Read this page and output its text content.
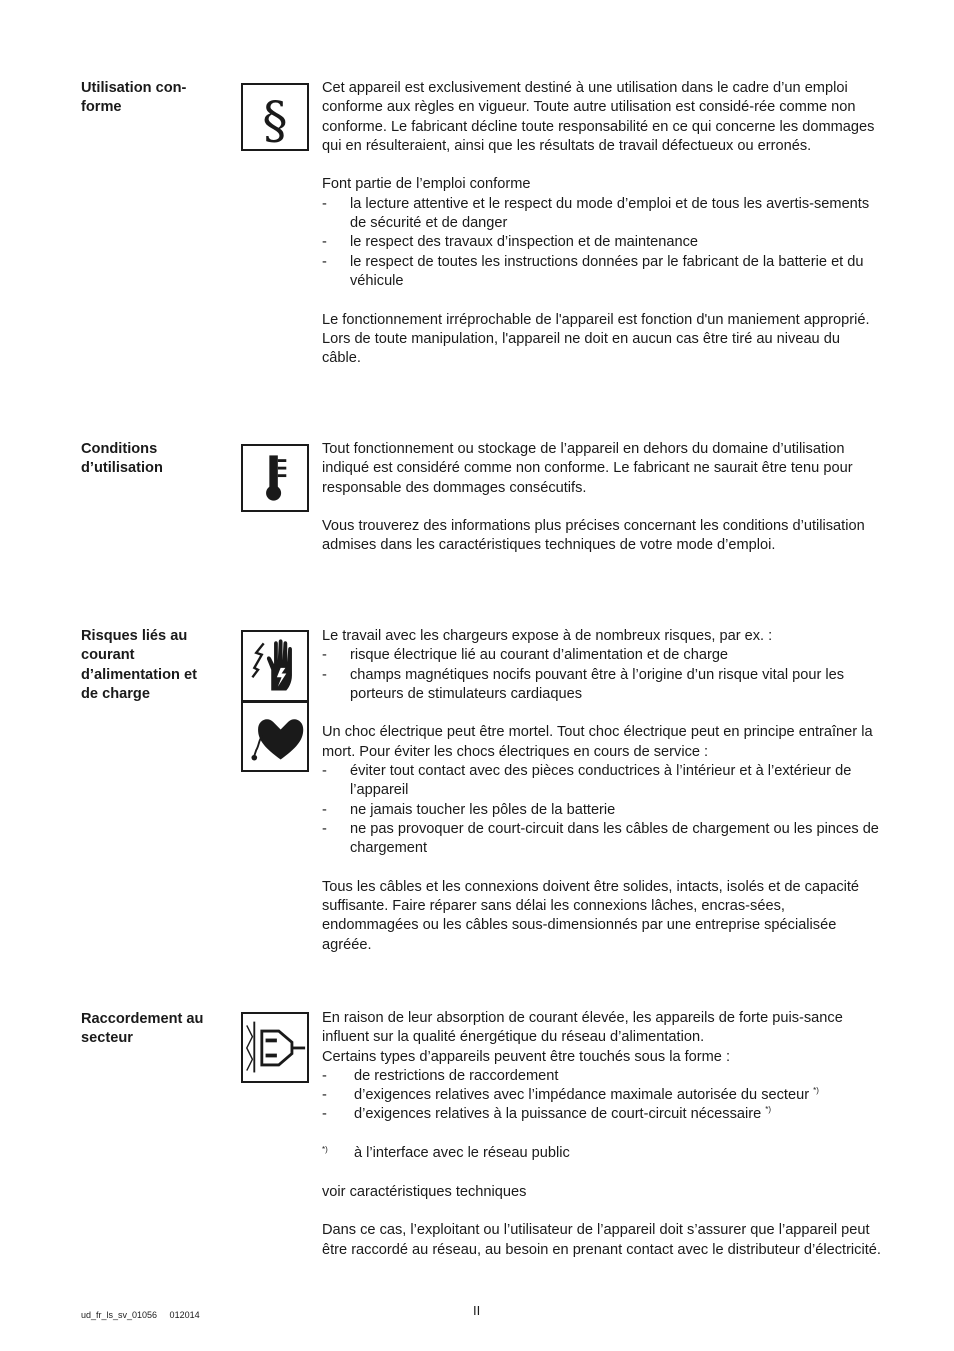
Utilisation con-
forme	§

Cet appareil est exclusivement destiné à une utilisation dans le cadre d’un emploi conforme aux règles en vigueur. Toute autre utilisation est considé-rée comme non conforme. Le fabricant décline toute responsabilité en ce qui concerne les dommages qui en résulteraient, ainsi que les résultats de travail défectueux ou erronés.

Font partie de l’emploi conforme

- la lecture attentive et le respect du mode d’emploi et de tous les avertis-sements de sécurité et de danger
- le respect des travaux d’inspection et de maintenance
- le respect de toutes les instructions données par le fabricant de la batterie et du véhicule

Le fonctionnement irréprochable de l'appareil est fonction d'un maniement approprié. Lors de toute manipulation, l'appareil ne doit en aucun cas être tiré au niveau du câble.

Conditions
d’utilisation

Tout fonctionnement ou stockage de l’appareil en dehors du domaine d’utilisation indiqué est considéré comme non conforme. Le fabricant ne saurait être tenu pour responsable des dommages consécutifs.

Vous trouverez des informations plus précises concernant les conditions d’utilisation admises dans les caractéristiques techniques de votre mode d’emploi.

Risques liés au
courant
d’alimentation et
de charge

Le travail avec les chargeurs expose à de nombreux risques, par ex. :

- risque électrique lié au courant d’alimentation et de charge
- champs magnétiques nocifs pouvant être à l’origine d’un risque vital pour les porteurs de stimulateurs cardiaques

Un choc électrique peut être mortel. Tout choc électrique peut en principe entraîner la mort. Pour éviter les chocs électriques en cours de service :

- éviter tout contact avec des pièces conductrices à l’intérieur et à l’extérieur de l’appareil
- ne jamais toucher les pôles de la batterie
- ne pas provoquer de court-circuit dans les câbles de chargement ou les pinces de chargement

Tous les câbles et les connexions doivent être solides, intacts, isolés et de capacité suffisante. Faire réparer sans délai les connexions lâches, encras-sées, endommagées ou les câbles sous-dimensionnés par une entreprise spécialisée agréée.

Raccordement au
secteur

En raison de leur absorption de courant élevée, les appareils de forte puis-sance influent sur la qualité énergétique du réseau d’alimentation.

Certains types d’appareils peuvent être touchés sous la forme :

- de restrictions de raccordement
- d’exigences relatives avec l’impédance maximale autorisée du secteur *)
- d’exigences relatives à la puissance de court-circuit nécessaire *)
*) à l’interface avec le réseau public

voir caractéristiques techniques

Dans ce cas, l’exploitant ou l’utilisateur de l’appareil doit s’assurer que l’appareil peut être raccordé au réseau, au besoin en prenant contact avec le distributeur d’électricité.

ud_fr_ls_sv_01056     012014	II
